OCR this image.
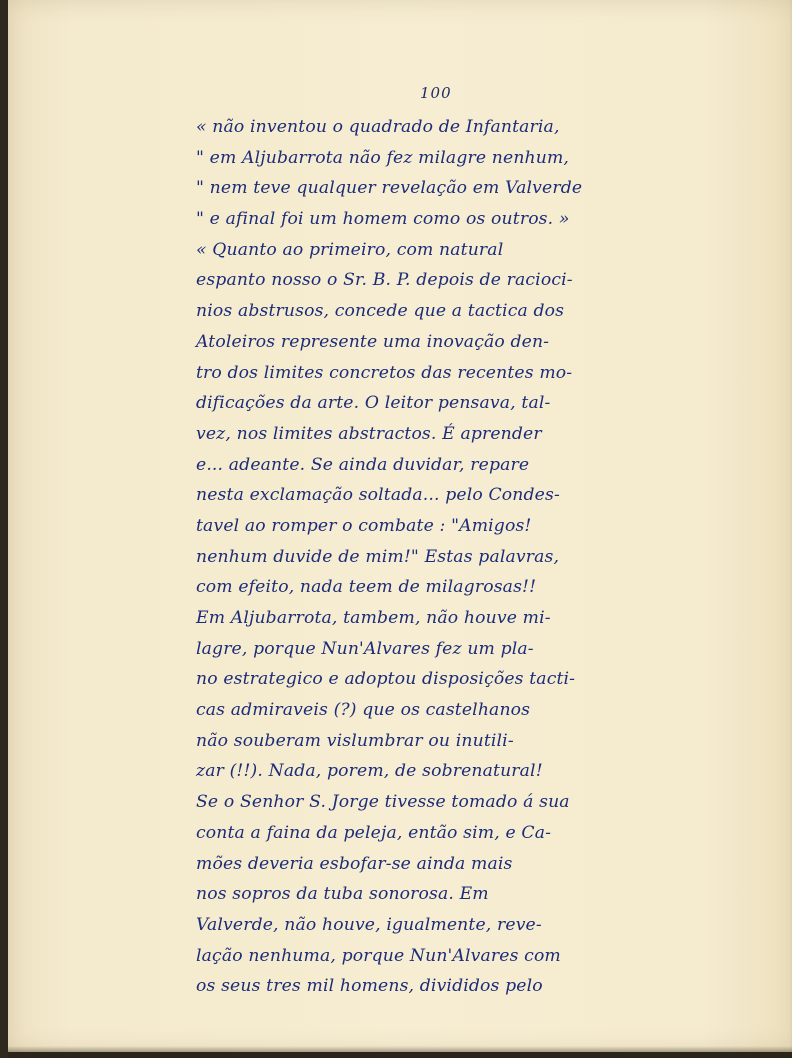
100
« não inventou o quadrado de Infantaria,
" em Aljubarrota não fez milagre nenhum,
" nem teve qualquer revelação em Valverde
" e afinal foi um homem como os outros. »
« Quanto ao primeiro, com natural
espanto nosso o Sr. B. P. depois de racioci-
nios abstrusos, concede que a tactica dos
Atoleiros represente uma inovação den-
tro dos limites concretos das recentes mo-
dificações da arte. O leitor pensava, tal-
vez, nos limites abstractos. É aprender
e... adeante. Se ainda duvidar, repare
nesta exclamação soltada... pelo Condes-
tavel ao romper o combate : "Amigos!
nenhum duvide de mim!" Estas palavras,
com efeito, nada teem de milagrosas!!
Em Aljubarrota, tambem, não houve mi-
lagre, porque Nun'Alvares fez um pla-
no estrategico e adoptou disposições tacti-
cas admiraveis (?) que os castelhanos
não souberam vislumbrar ou inutili-
zar (!!). Nada, porem, de sobrenatural!
Se o Senhor S. Jorge tivesse tomado á sua
conta a faina da peleja, então sim, e Ca-
mões deveria esbofar-se ainda mais
nos sopros da tuba sonorosa. Em
Valverde, não houve, igualmente, reve-
lação nenhuma, porque Nun'Alvares com
os seus tres mil homens, divididos pelo
